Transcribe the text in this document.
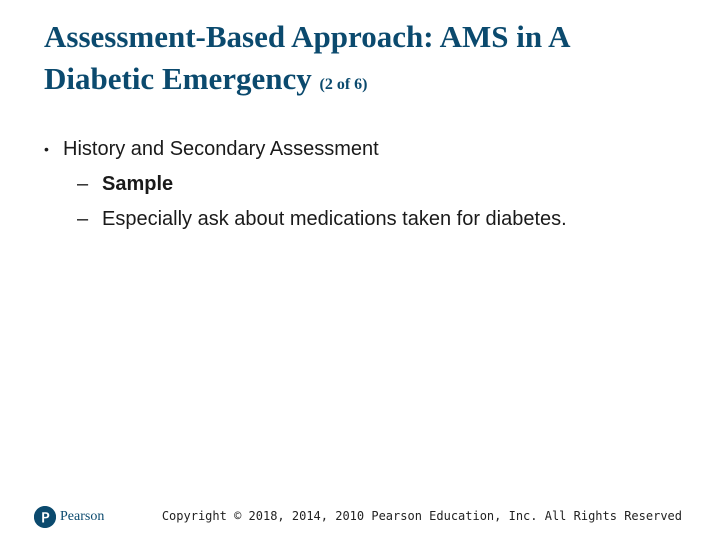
Assessment-Based Approach: AMS in A Diabetic Emergency (2 of 6)
• History and Secondary Assessment
– Sample
– Especially ask about medications taken for diabetes.
Pearson	Copyright © 2018, 2014, 2010 Pearson Education, Inc. All Rights Reserved
